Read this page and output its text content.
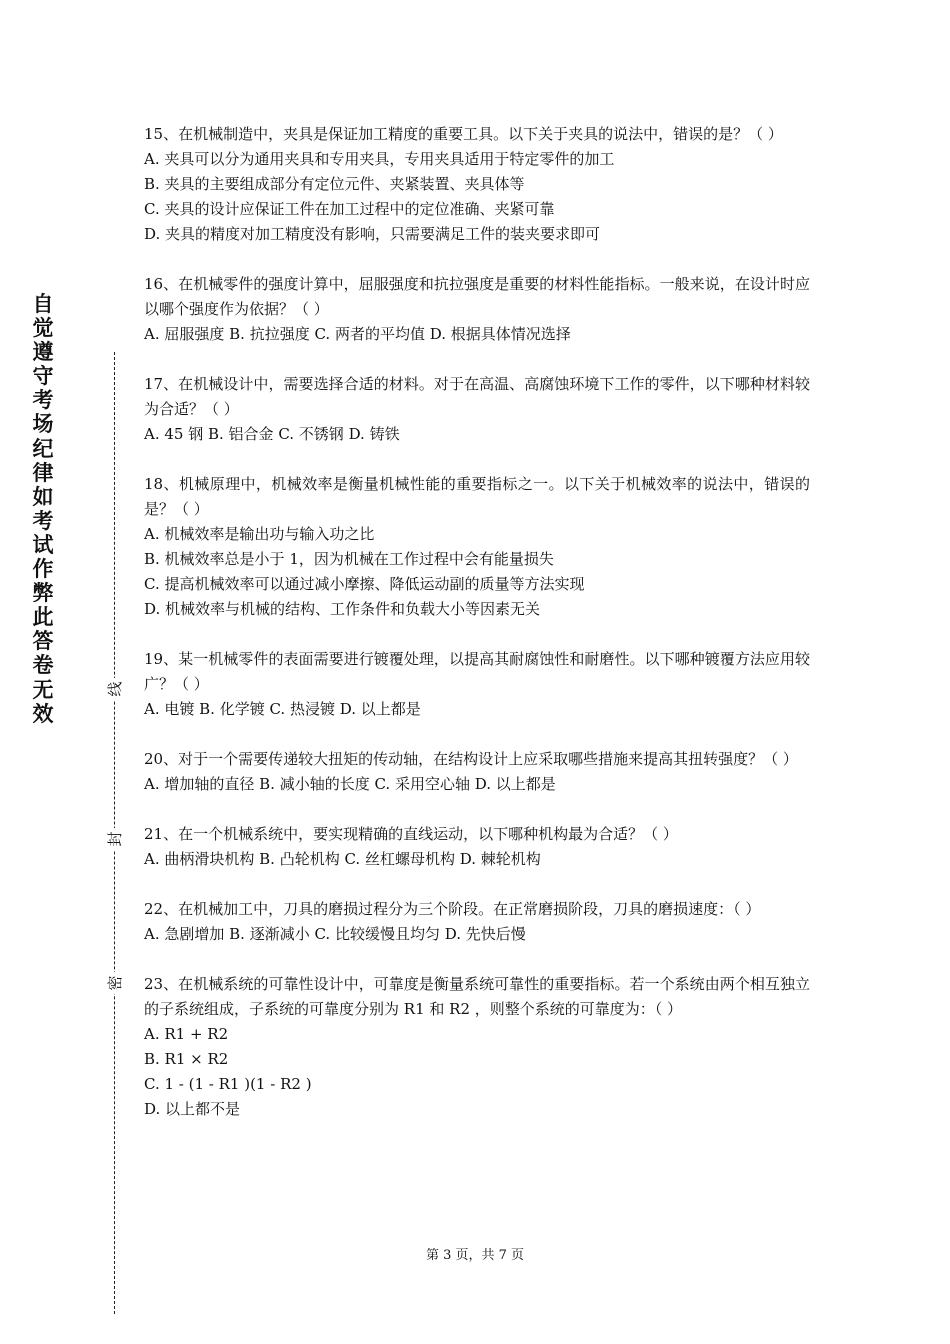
自觉遵守考场纪律如考试作弊此答卷无效
线
封
密
15、在机械制造中，夹具是保证加工精度的重要工具。以下关于夹具的说法中，错误的是？（ ）
A. 夹具可以分为通用夹具和专用夹具，专用夹具适用于特定零件的加工
B. 夹具的主要组成部分有定位元件、夹紧装置、夹具体等
C. 夹具的设计应保证工件在加工过程中的定位准确、夹紧可靠
D. 夹具的精度对加工精度没有影响，只需要满足工件的装夹要求即可
16、在机械零件的强度计算中，屈服强度和抗拉强度是重要的材料性能指标。一般来说，在设计时应以哪个强度作为依据？（ ）
A. 屈服强度 B. 抗拉强度 C. 两者的平均值 D. 根据具体情况选择
17、在机械设计中，需要选择合适的材料。对于在高温、高腐蚀环境下工作的零件，以下哪种材料较为合适？（ ）
A. 45 钢 B. 铝合金 C. 不锈钢 D. 铸铁
18、机械原理中，机械效率是衡量机械性能的重要指标之一。以下关于机械效率的说法中，错误的是？（ ）
A. 机械效率是输出功与输入功之比
B. 机械效率总是小于 1，因为机械在工作过程中会有能量损失
C. 提高机械效率可以通过减小摩擦、降低运动副的质量等方法实现
D. 机械效率与机械的结构、工作条件和负载大小等因素无关
19、某一机械零件的表面需要进行镀覆处理，以提高其耐腐蚀性和耐磨性。以下哪种镀覆方法应用较广？（ ）
A. 电镀 B. 化学镀 C. 热浸镀 D. 以上都是
20、对于一个需要传递较大扭矩的传动轴，在结构设计上应采取哪些措施来提高其扭转强度？（ ）
A. 增加轴的直径 B. 减小轴的长度 C. 采用空心轴 D. 以上都是
21、在一个机械系统中，要实现精确的直线运动，以下哪种机构最为合适？（ ）
A. 曲柄滑块机构 B. 凸轮机构 C. 丝杠螺母机构 D. 棘轮机构
22、在机械加工中，刀具的磨损过程分为三个阶段。在正常磨损阶段，刀具的磨损速度：（ ）
A. 急剧增加 B. 逐渐减小 C. 比较缓慢且均匀 D. 先快后慢
23、在机械系统的可靠性设计中，可靠度是衡量系统可靠性的重要指标。若一个系统由两个相互独立的子系统组成，子系统的可靠度分别为 R1 和 R2 ，则整个系统的可靠度为：（ ）
A. R1 + R2
B. R1 × R2
C. 1 - (1 - R1 )(1 - R2 )
D. 以上都不是
第 3 页，共 7 页
